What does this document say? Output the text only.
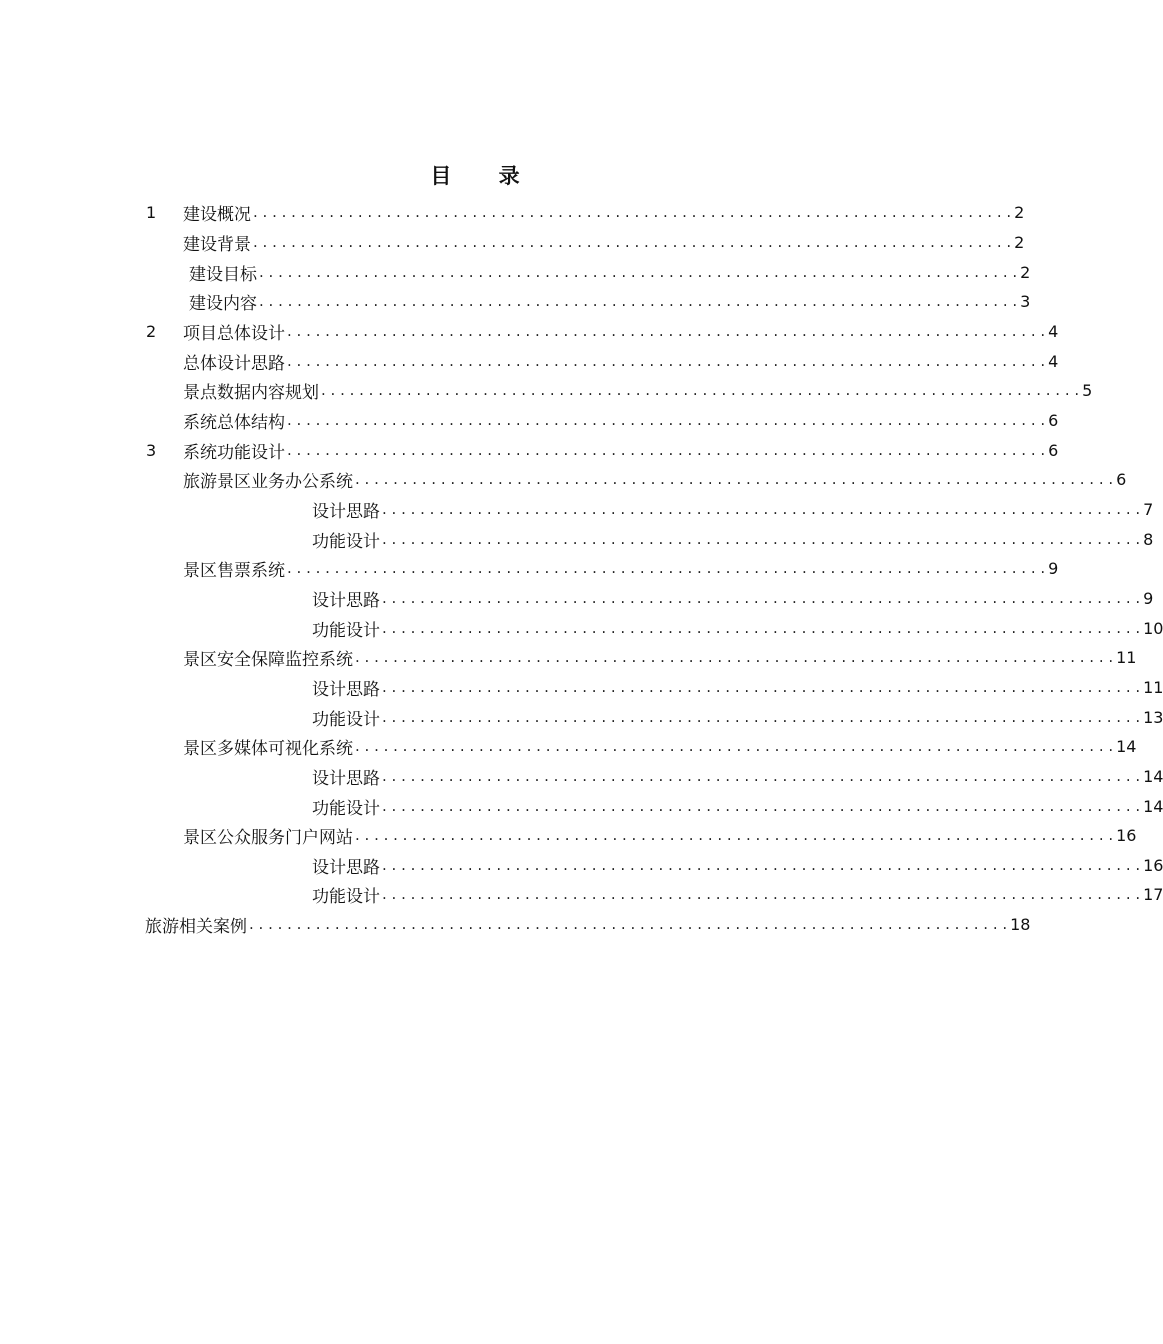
目 录
1 建设概况 . . .	2
建设背景 . . .	2
建设目标 . . .	2
建设内容 . . .	3
2 项目总体设计 . . .	4
总体设计思路 . . .	4
景点数据内容规划 . . .	5
系统总体结构 . . .	6
3 系统功能设计 . . .	6
旅游景区业务办公系统 . . .	6
设计思路 . . .	7
功能设计 . . .	8
景区售票系统 . . .	9
设计思路 . . .	9
功能设计 . . .	10
景区安全保障监控系统 . . .	11
设计思路 . . .	11
功能设计 . . .	13
景区多媒体可视化系统 . . .	14
设计思路 . . .	14
功能设计 . . .	14
景区公众服务门户网站 . . .	16
设计思路 . . .	16
功能设计 . . .	17
旅游相关案例 . . .	18
